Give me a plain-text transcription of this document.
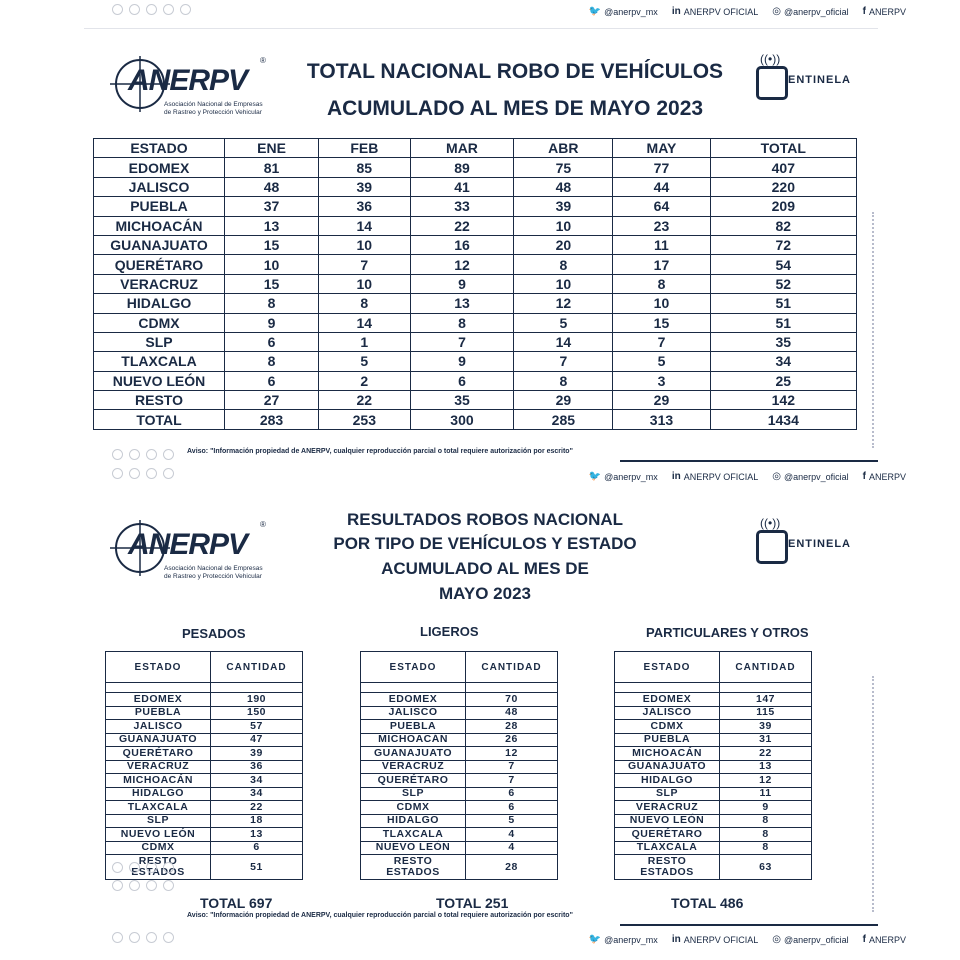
🐦 @anerpv_mx in ANERPV OFICIAL ◎ @anerpv_oficial f ANERPV
ANERPV
®
Asociación Nacional de Empresas
de Rastreo y Protección Vehicular
TOTAL NACIONAL ROBO DE VEHÍCULOS
ACUMULADO AL MES DE MAYO 2023
((•))
ENTINELA
ESTADO	ENE	FEB	MAR	ABR	MAY	TOTAL
EDOMEX	81	85	89	75	77	407
JALISCO	48	39	41	48	44	220
PUEBLA	37	36	33	39	64	209
MICHOACÁN	13	14	22	10	23	82
GUANAJUATO	15	10	16	20	11	72
QUERÉTARO	10	7	12	8	17	54
VERACRUZ	15	10	9	10	8	52
HIDALGO	8	8	13	12	10	51
CDMX	9	14	8	5	15	51
SLP	6	1	7	14	7	35
TLAXCALA	8	5	9	7	5	34
NUEVO LEÓN	6	2	6	8	3	25
RESTO	27	22	35	29	29	142
TOTAL	283	253	300	285	313	1434
Aviso: "Información propiedad de ANERPV, cualquier reproducción parcial o total requiere autorización por escrito"
🐦 @anerpv_mx in ANERPV OFICIAL ◎ @anerpv_oficial f ANERPV
ANERPV
®
Asociación Nacional de Empresas
de Rastreo y Protección Vehicular
RESULTADOS ROBOS NACIONAL
POR TIPO DE VEHÍCULOS Y ESTADO
ACUMULADO AL MES DE
MAYO 2023
((•))
ENTINELA
PESADOS	LIGEROS	PARTICULARES Y OTROS
ESTADO	CANTIDAD

EDOMEX	190
PUEBLA	150
JALISCO	57
GUANAJUATO	47
QUERÉTARO	39
VERACRUZ	36
MICHOACÁN	34
HIDALGO	34
TLAXCALA	22
SLP	18
NUEVO LEÓN	13
CDMX	6

RESTO
ESTADOS	51
ESTADO	CANTIDAD

EDOMEX	70
JALISCO	48
PUEBLA	28
MICHOACÁN	26
GUANAJUATO	12
VERACRUZ	7
QUERÉTARO	7
SLP	6
CDMX	6
HIDALGO	5
TLAXCALA	4
NUEVO LEÓN	4

RESTO
ESTADOS	28
ESTADO	CANTIDAD

EDOMEX	147
JALISCO	115
CDMX	39
PUEBLA	31
MICHOACÁN	22
GUANAJUATO	13
HIDALGO	12
SLP	11
VERACRUZ	9
NUEVO LEÓN	8
QUERÉTARO	8
TLAXCALA	8

RESTO
ESTADOS	63
TOTAL 697	TOTAL 251	TOTAL 486
Aviso: "Información propiedad de ANERPV, cualquier reproducción parcial o total requiere autorización por escrito"
🐦 @anerpv_mx in ANERPV OFICIAL ◎ @anerpv_oficial f ANERPV
